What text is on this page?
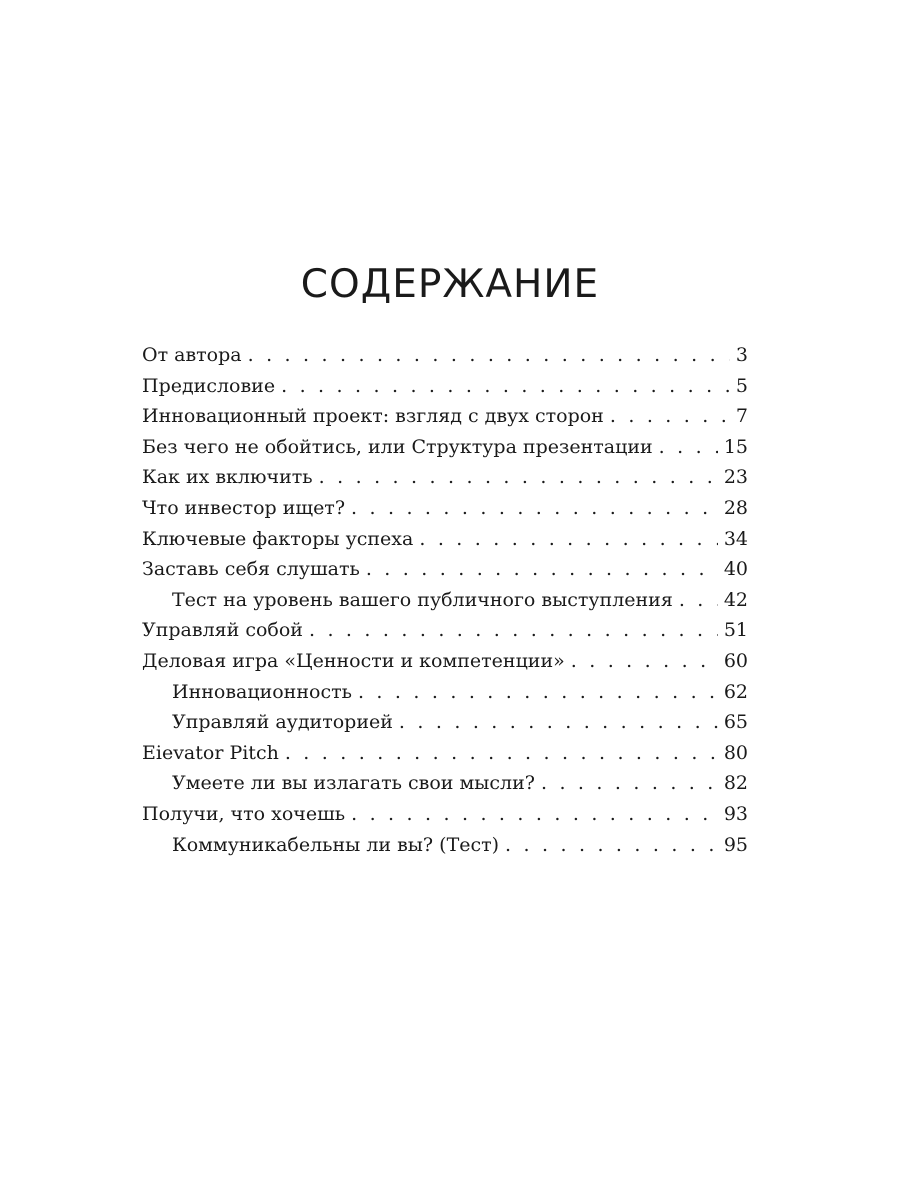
СОДЕРЖАНИЕ
От автора . . .	3
Предисловие . . .	5
Инновационный проект: взгляд с двух сторон . . .	7
Без чего не обойтись, или Структура презентации . . .	15
Как их включить . . .	23
Что инвестор ищет? . . .	28
Ключевые факторы успеха . . .	34
Заставь себя слушать . . .	40
Тест на уровень вашего публичного выступления . . .	42
Управляй собой . . .	51
Деловая игра «Ценности и компетенции» . . .	60
Инновационность . . .	62
Управляй аудиторией . . .	65
Eievator Pitch . . .	80
Умеете ли вы излагать свои мысли? . . .	82
Получи, что хочешь . . .	93
Коммуникабельны ли вы? (Тест) . . .	95
